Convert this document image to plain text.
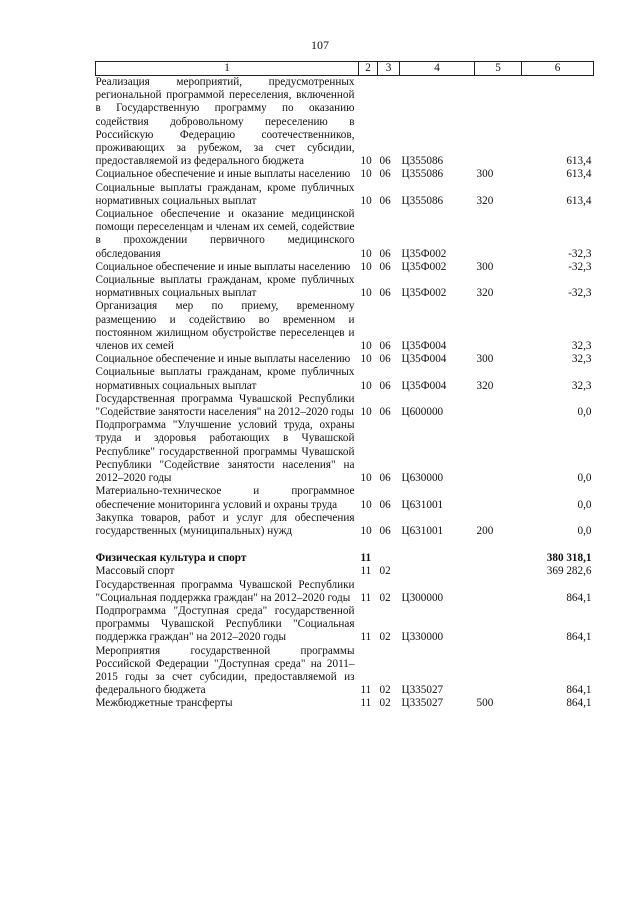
107
1	2	3	4	5	6
Реализация мероприятий, предусмотренных региональной программой переселения, включенной в Государственную программу по оказанию содействия добровольному переселению в Российскую Федерацию соотечественников, проживающих за рубежом, за счет субсидии, предоставляемой из федерального бюджета	10	06	Ц355086		613,4
Социальное обеспечение и иные выплаты населению	10	06	Ц355086	300	613,4
Социальные выплаты гражданам, кроме публичных нормативных социальных выплат	10	06	Ц355086	320	613,4
Социальное обеспечение и оказание медицинской помощи переселенцам и членам их семей, содействие в прохождении первичного медицинского обследования	10	06	Ц35Ф002		-32,3
Социальное обеспечение и иные выплаты населению	10	06	Ц35Ф002	300	-32,3
Социальные выплаты гражданам, кроме публичных нормативных социальных выплат	10	06	Ц35Ф002	320	-32,3
Организация мер по приему, временному размещению и содействию во временном и постоянном жилищном обустройстве переселенцев и членов их семей	10	06	Ц35Ф004		32,3
Социальное обеспечение и иные выплаты населению	10	06	Ц35Ф004	300	32,3
Социальные выплаты гражданам, кроме публичных нормативных социальных выплат	10	06	Ц35Ф004	320	32,3
Государственная программа Чувашской Республики "Содействие занятости населения" на 2012–2020 годы	10	06	Ц600000		0,0
Подпрограмма "Улучшение условий труда, охраны труда и здоровья работающих в Чувашской Республике" государственной программы Чувашской Республики "Содействие занятости населения" на 2012–2020 годы	10	06	Ц630000		0,0
Материально-техническое и программное обеспечение мониторинга условий и охраны труда	10	06	Ц631001		0,0
Закупка товаров, работ и услуг для обеспечения государственных (муниципальных) нужд	10	06	Ц631001	200	0,0

Физическая культура и спорт	11				380 318,1
Массовый спорт	11	02			369 282,6
Государственная программа Чувашской Республики "Социальная поддержка граждан" на 2012–2020 годы	11	02	Ц300000		864,1
Подпрограмма "Доступная среда" государственной программы Чувашской Республики "Социальная поддержка граждан" на 2012–2020 годы	11	02	Ц330000		864,1
Мероприятия государственной программы Российской Федерации "Доступная среда" на 2011–2015 годы за счет субсидии, предоставляемой из федерального бюджета	11	02	Ц335027		864,1
Межбюджетные трансферты	11	02	Ц335027	500	864,1
